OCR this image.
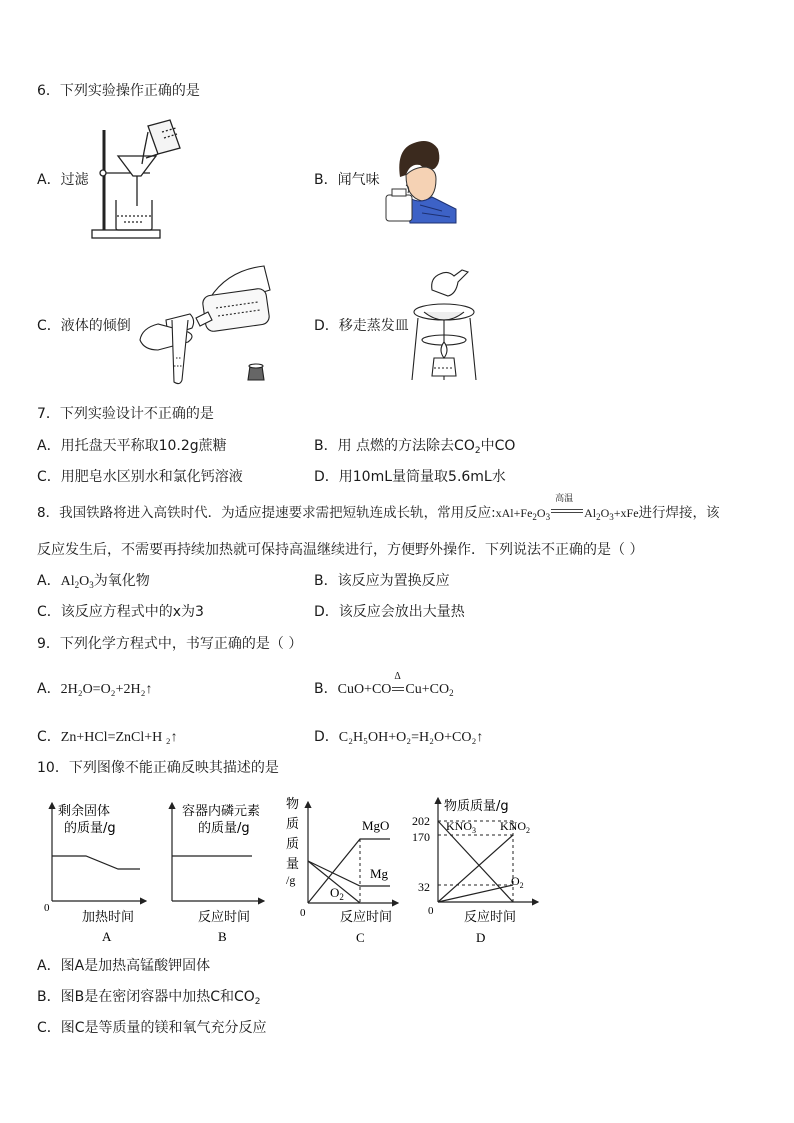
6．下列实验操作正确的是
A．过滤	B．闻气味
C．液体的倾倒	D．移走蒸发皿
7．下列实验设计不正确的是
A．用托盘天平称取10.2g蔗糖	B．用 点燃的方法除去$CO_2$中CO
C．用肥皂水区别水和氯化钙溶液	D．用10mL量筒量取5.6mL水
8．我国铁路将进入高铁时代．为适应提速要求需把短轨连成长轨，常用反应$:xAl+Fe_2O_3$
高温
$Al_2O_3+xFe$进行焊接，该
反应发生后，不需要再持续加热就可保持高温继续进行，方便野外操作．下列说法不正确的是（ ）
A．$Al_2O_3$为氧化物	B．该反应为置换反应
C．该反应方程式中的x为3	D．该反应会放出大量热
9．下列化学方程式中，书写正确的是（ ）
A．2H₂O=O₂+2H₂↑	B．CuO+CO
Δ
$Cu+CO_2$
C．Zn+HCl=ZnCl+H ₂↑	D．C₂H₅OH+O₂=H₂O+CO₂↑
10．下列图像不能正确反映其描述的是
剩余固体
的质量/g
0
加热时间
A
容器内磷元素
的质量/g
反应时间
B
物
质
质
量
/g
MgO
Mg
$O_2$
0	反应时间
C
物质质量/g
202
170
32
$KNO_3$ $KNO_2$
$O_2$
0 反应时间
D
A．图A是加热高锰酸钾固体
B．图B是在密闭容器中加热C和$CO_2$
C．图C是等质量的镁和氧气充分反应
